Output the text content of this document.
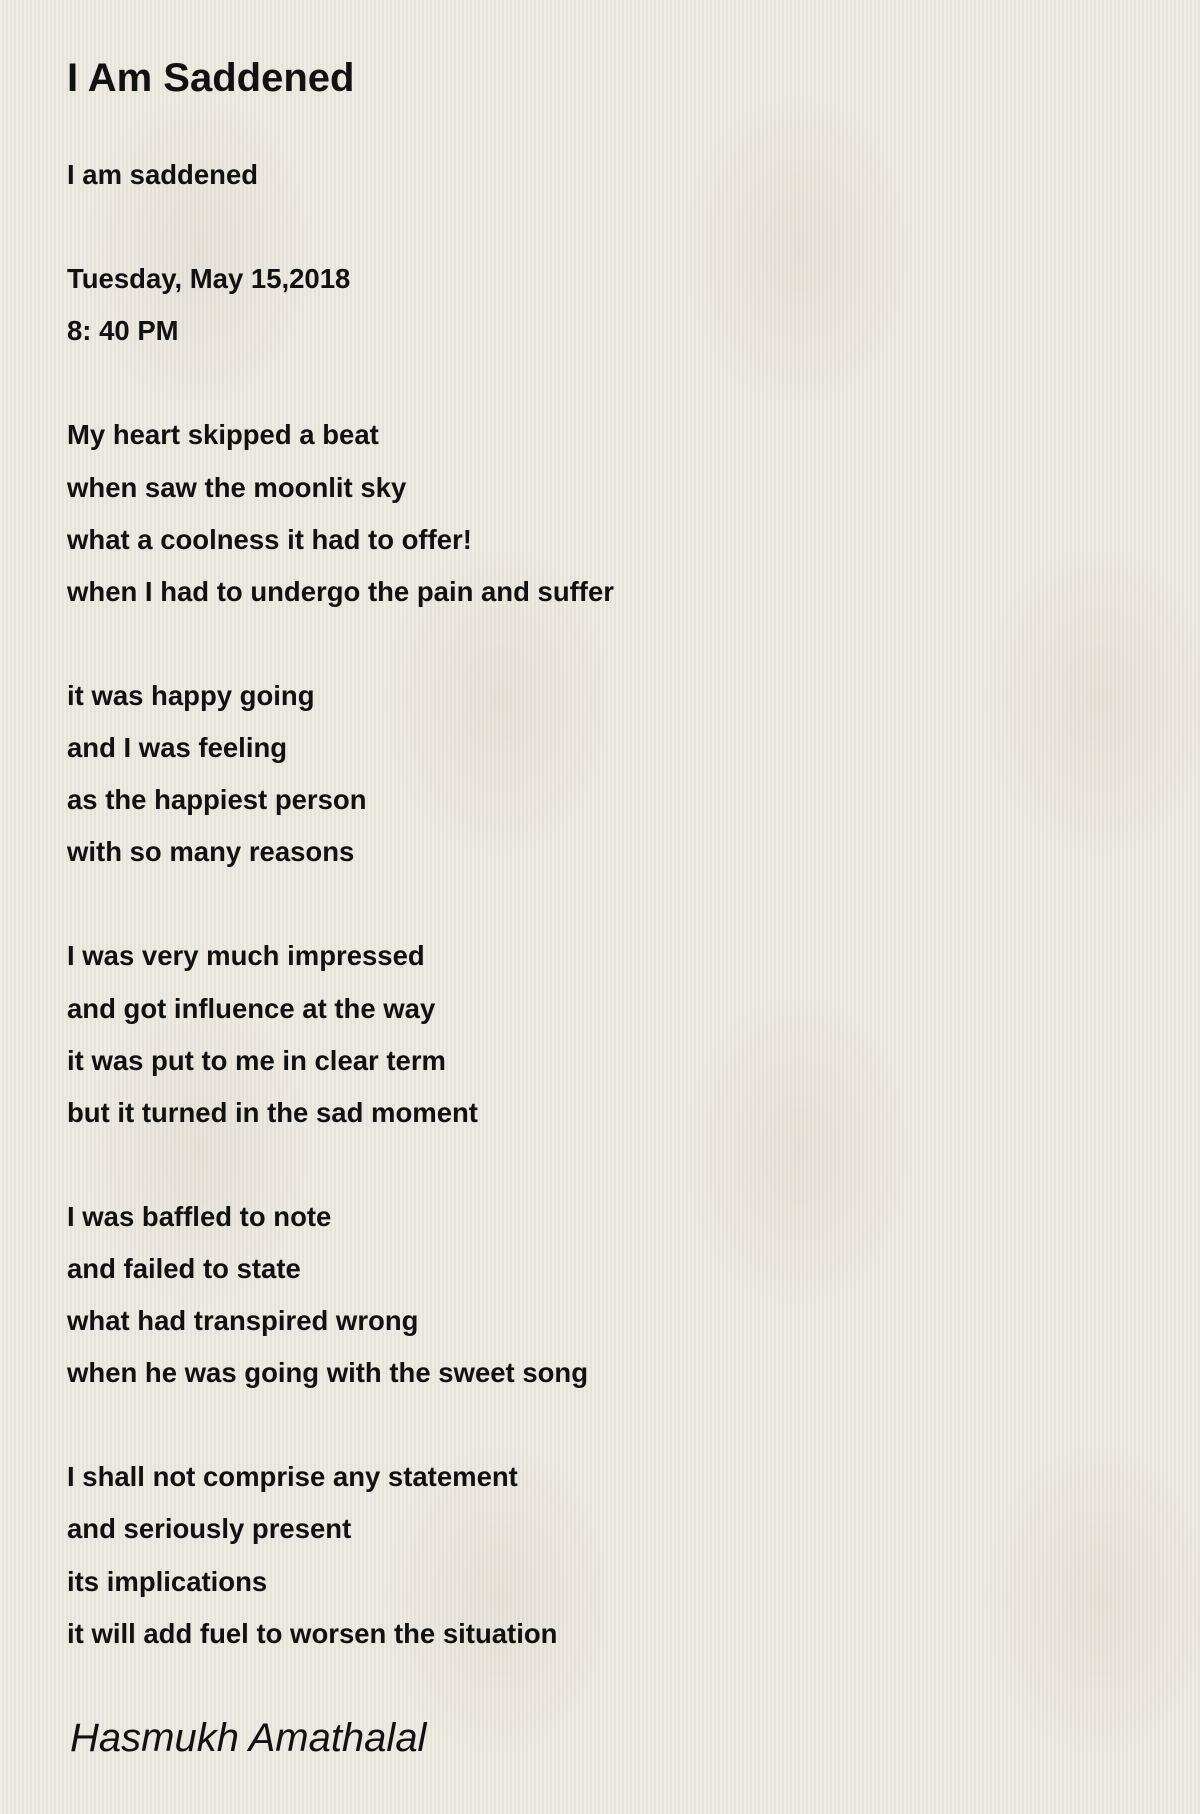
I Am Saddened
I am saddened
Tuesday, May 15,2018
8: 40 PM
My heart skipped a beat
when saw the moonlit sky
what a coolness it had to offer!
when I had to undergo the pain and suffer
it was happy going
and I was feeling
as the happiest person
with so many reasons
I was very much impressed
and got influence at the way
it was put to me in clear term
but it turned in the sad moment
I was baffled to note
and failed to state
what had transpired wrong
when he was going with the sweet song
I shall not comprise any statement
and seriously present
its implications
it will add fuel to worsen the situation
Hasmukh Amathalal
